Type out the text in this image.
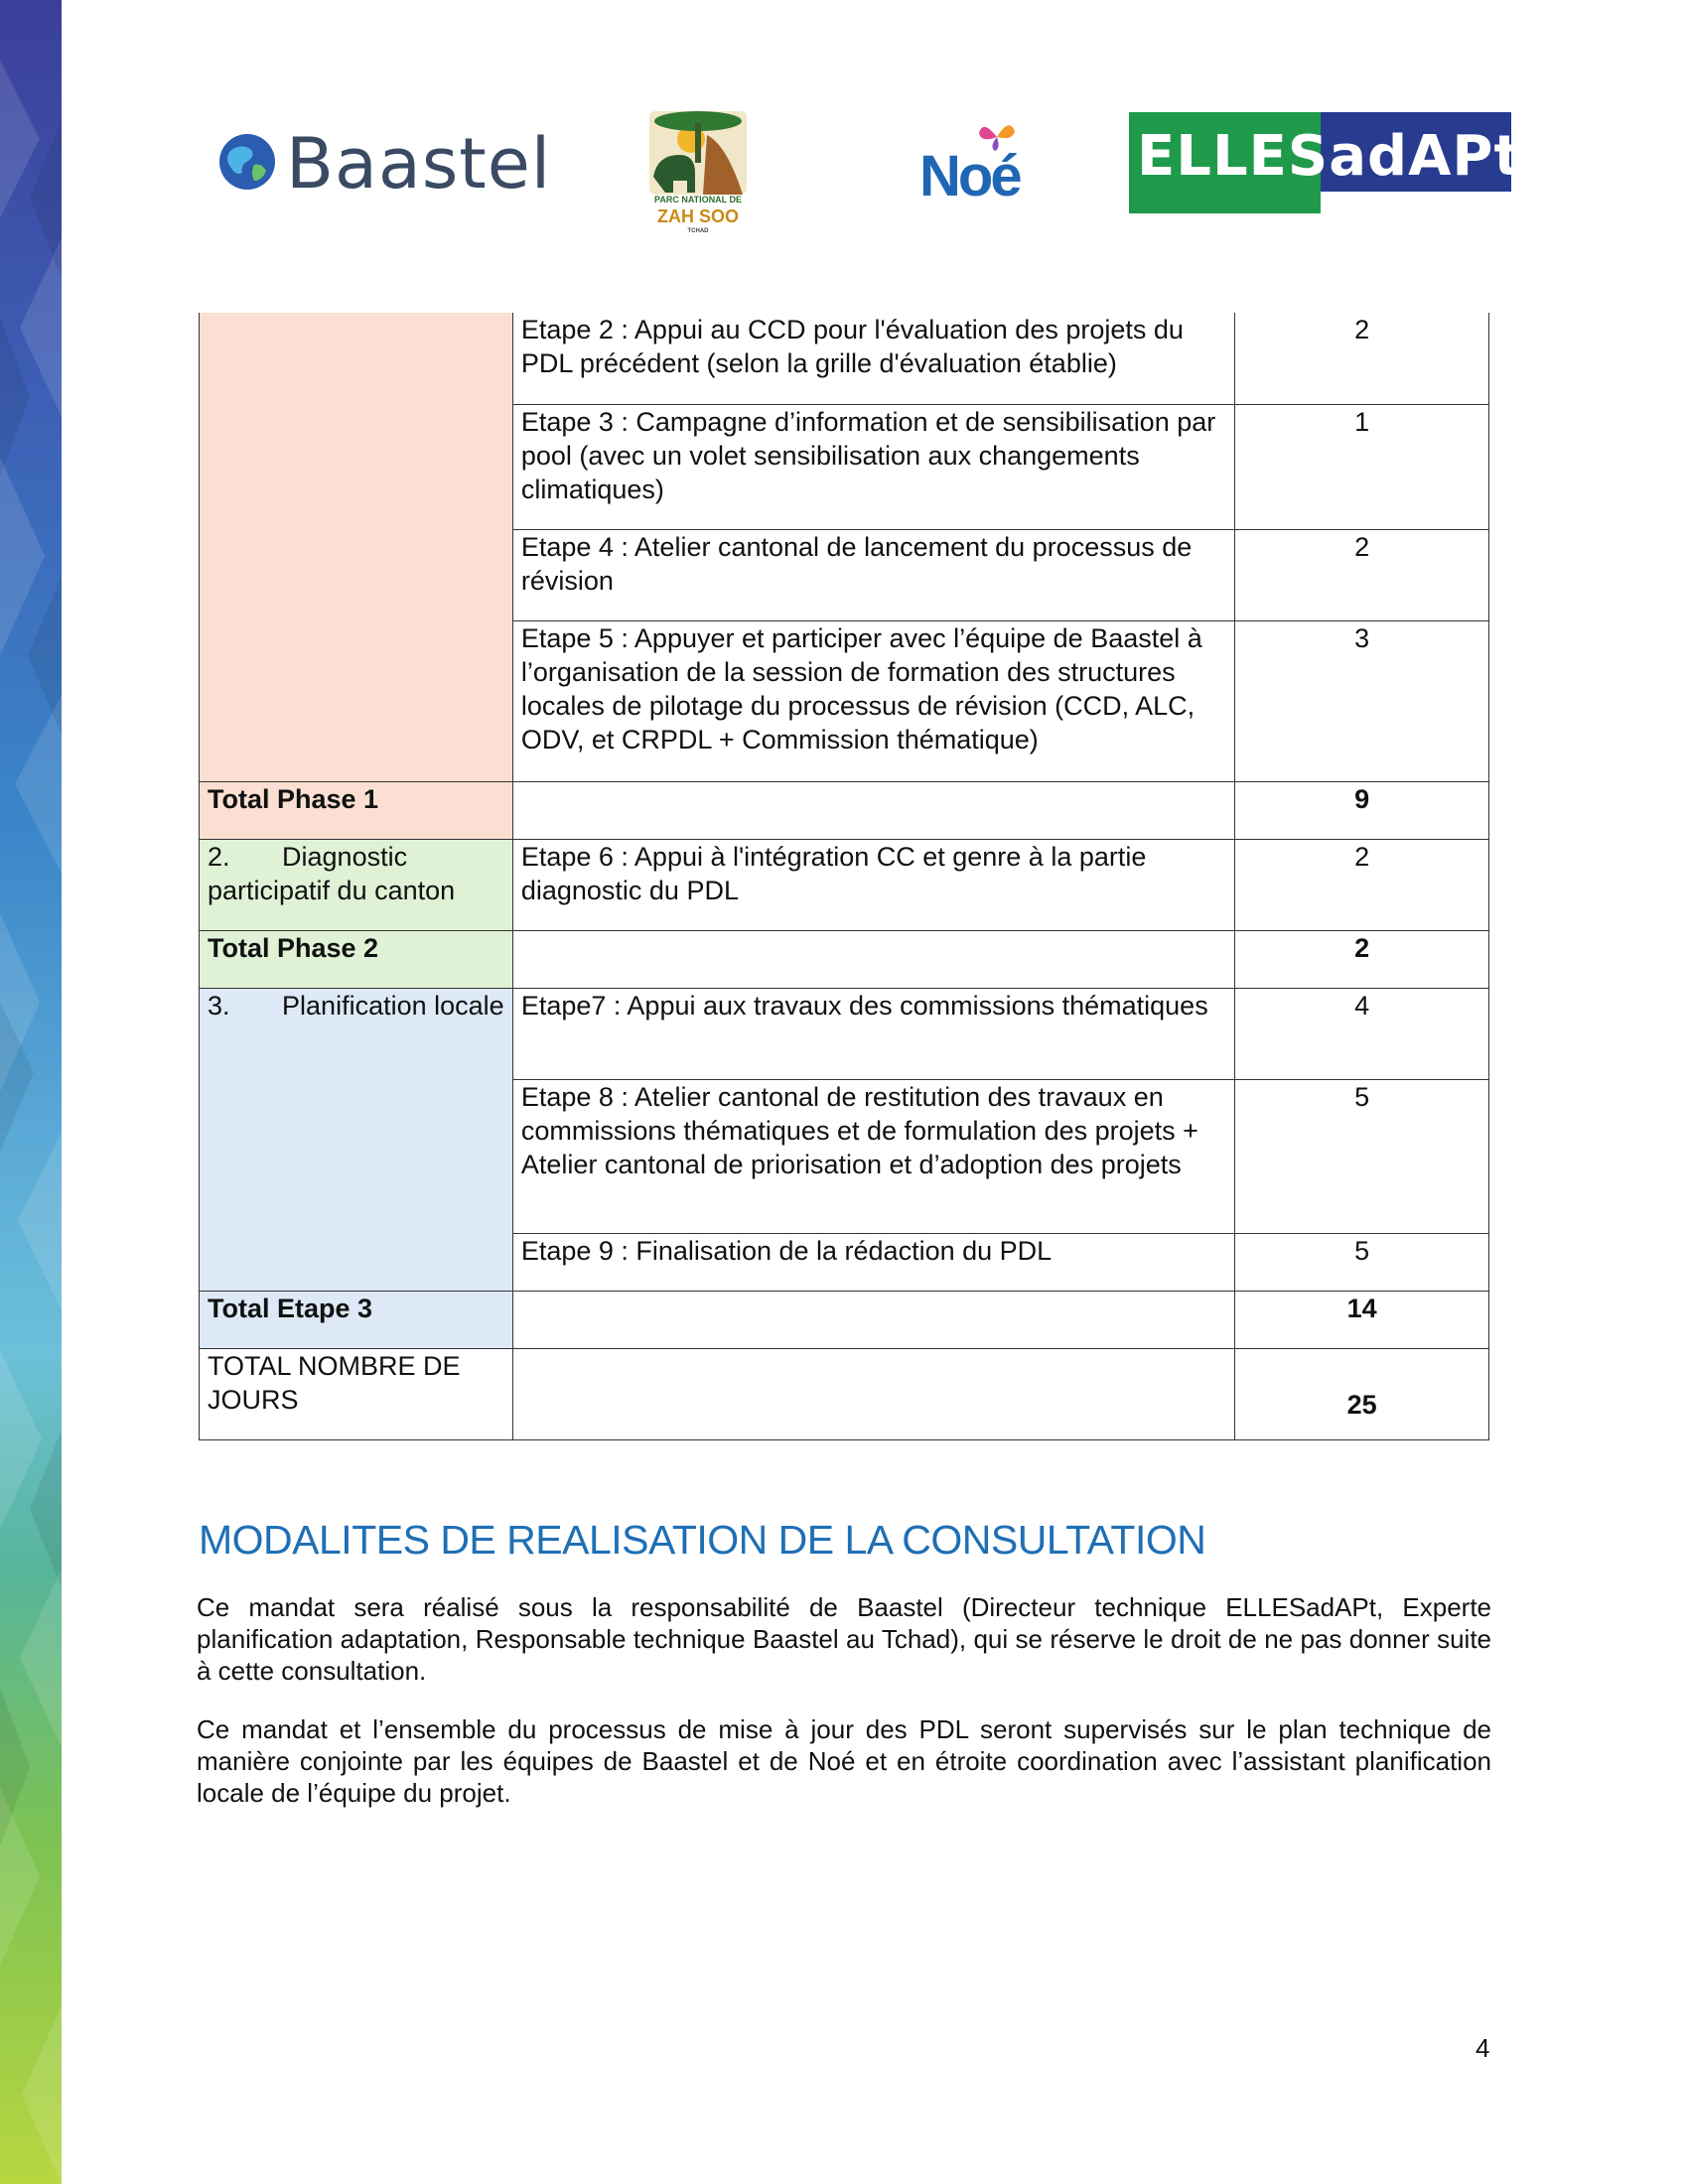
Baastel	PARC NATIONAL DE
ZAH SOO
TCHAD
Noé ELLESadAPt
	Etape 2 : Appui au CCD pour l'évaluation des projets du PDL précédent (selon la grille d'évaluation établie)	2
	Etape 3 : Campagne d’information et de sensibilisation par pool (avec un volet sensibilisation aux changements climatiques)	1
	Etape 4 : Atelier cantonal de lancement du processus de révision	2
	Etape 5 : Appuyer et participer avec l’équipe de Baastel à l’organisation de la session de formation des structures locales de pilotage du processus de révision (CCD, ALC, ODV, et CRPDL + Commission thématique)	3
Total Phase 1		9
2.       Diagnostic participatif du canton	Etape 6 : Appui à l'intégration CC et genre à la partie diagnostic du PDL	2
Total Phase 2		2
3.       Planification locale	Etape7 : Appui aux travaux des commissions thématiques	4
	Etape 8 : Atelier cantonal de restitution des travaux en commissions thématiques et de formulation des projets + Atelier cantonal de priorisation et d’adoption des projets	5
	Etape 9 : Finalisation de la rédaction du PDL	5
Total Etape 3		14
TOTAL NOMBRE DE JOURS		25
MODALITES DE REALISATION DE LA CONSULTATION

Ce mandat sera réalisé sous la responsabilité de Baastel (Directeur technique ELLESadAPt, Experte planification adaptation, Responsable technique Baastel au Tchad), qui se réserve le droit de ne pas donner suite à cette consultation.

Ce mandat et l’ensemble du processus de mise à jour des PDL seront supervisés sur le plan technique de manière conjointe par les équipes de Baastel et de Noé et en étroite coordination avec l’assistant planification locale de l’équipe du projet.

4
